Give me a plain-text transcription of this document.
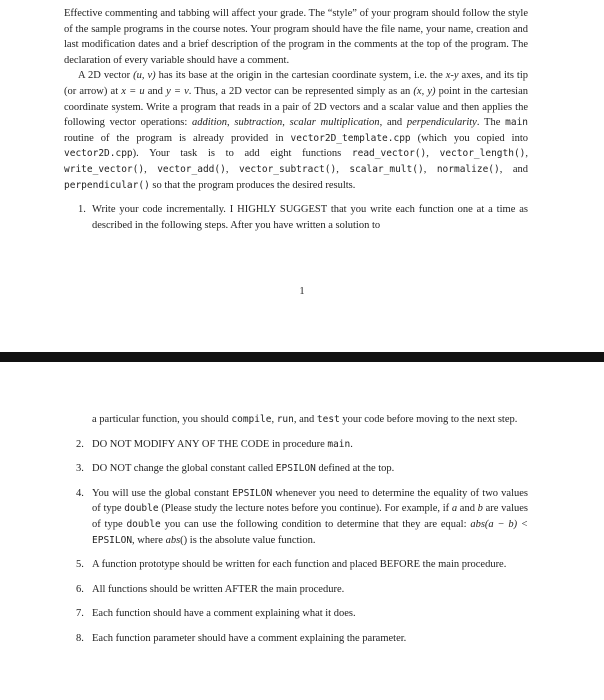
Effective commenting and tabbing will affect your grade. The “style” of your program should follow the style of the sample programs in the course notes. Your program should have the file name, your name, creation and last modification dates and a brief description of the program in the comments at the top of the program. The declaration of every variable should have a comment.

A 2D vector (u, v) has its base at the origin in the cartesian coordinate system, i.e. the x-y axes, and its tip (or arrow) at x = u and y = v. Thus, a 2D vector can be represented simply as an (x, y) point in the cartesian coordinate system. Write a program that reads in a pair of 2D vectors and a scalar value and then applies the following vector operations: addition, subtraction, scalar multiplication, and perpendicularity. The main routine of the program is already provided in vector2D_template.cpp (which you copied into vector2D.cpp). Your task is to add eight functions read_vector(), vector_length(), write_vector(), vector_add(), vector_subtract(), scalar_mult(), normalize(), and perpendicular() so that the program produces the desired results.

1. Write your code incrementally. I HIGHLY SUGGEST that you write each function one at a time as described in the following steps. After you have written a solution to
1
a particular function, you should compile, run, and test your code before moving to the next step.
2. DO NOT MODIFY ANY OF THE CODE in procedure main.
3. DO NOT change the global constant called EPSILON defined at the top.
4. You will use the global constant EPSILON whenever you need to determine the equality of two values of type double (Please study the lecture notes before you continue). For example, if a and b are values of type double you can use the following condition to determine that they are equal: abs(a − b) < EPSILON, where abs() is the absolute value function.
5. A function prototype should be written for each function and placed BEFORE the main procedure.
6. All functions should be written AFTER the main procedure.
7. Each function should have a comment explaining what it does.
8. Each function parameter should have a comment explaining the parameter.
